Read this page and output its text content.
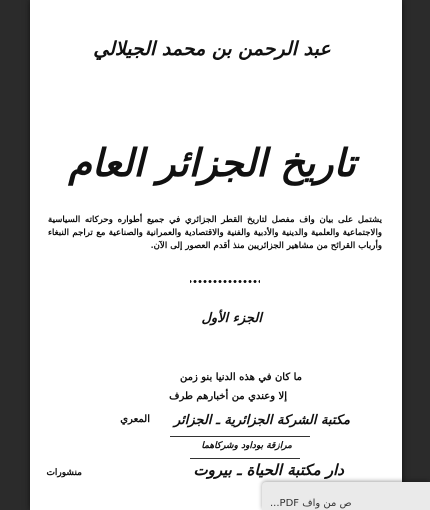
عبد الرحمن بن محمد الجيلالي
تاريخ الجزائر العام
يشتمل على بيان واف مفصل لتاريخ القطر الجزائري في جميع أطواره وحركاته السياسية والاجتماعية والعلمية والدينية والأدبية والفنية والاقتصادية والعمرانية والصناعية مع تراجم النبغاء وأرباب القرائح من مشاهير الجزائريين منذ أقدم العصور إلى الآن.
الجزء الأول
ما كان في هذه الدنيا بنو زمن
إلا وعندي من أخبارهم طرف
المعري مكتبة الشركة الجزائرية ـ الجزائر
مرازقة بوداود وشركاهما
منشورات	دار مكتبة الحياة ـ بيروت
ص من واف PDF...
